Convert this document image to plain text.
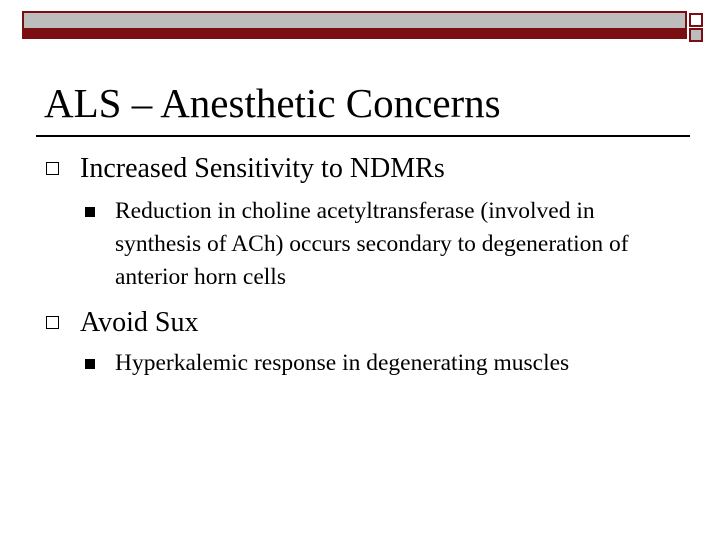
ALS – Anesthetic Concerns
Increased Sensitivity to NDMRs
Reduction in choline acetyltransferase (involved in synthesis of ACh) occurs secondary to degeneration of anterior horn cells
Avoid Sux
Hyperkalemic response in degenerating muscles
